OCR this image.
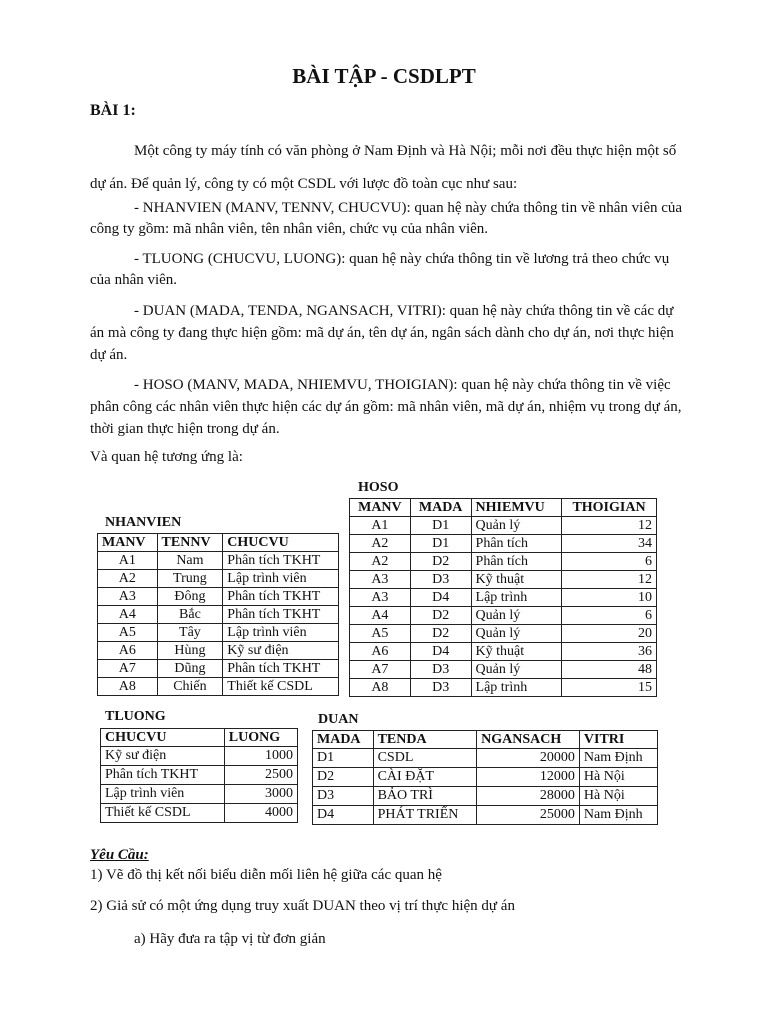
BÀI TẬP - CSDLPT
BÀI 1:

Một công ty máy tính có văn phòng ở Nam Định và Hà Nội; mỗi nơi đều thực hiện một số dự án. Để quản lý, công ty có một CSDL với lược đồ toàn cục như sau:

- NHANVIEN (MANV, TENNV, CHUCVU): quan hệ này chứa thông tin về nhân viên của công ty gồm: mã nhân viên, tên nhân viên, chức vụ của nhân viên.

- TLUONG (CHUCVU, LUONG): quan hệ này chứa thông tin về lương trả theo chức vụ của nhân viên.

- DUAN (MADA, TENDA, NGANSACH, VITRI): quan hệ này chứa thông tin về các dự án mà công ty đang thực hiện gồm: mã dự án, tên dự án, ngân sách dành cho dự án, nơi thực hiện dự án.

- HOSO (MANV, MADA, NHIEMVU, THOIGIAN): quan hệ này chứa thông tin về việc phân công các nhân viên thực hiện các dự án gồm: mã nhân viên, mã dự án, nhiệm vụ trong dự án, thời gian thực hiện trong dự án.

Và quan hệ tương ứng là:

HOSO
MANV	MADA	NHIEMVU	THOIGIAN
A1	D1	Quản lý	12
A2	D1	Phân tích	34
A2	D2	Phân tích	6
A3	D3	Kỹ thuật	12
A3	D4	Lập trình	10
A4	D2	Quản lý	6
A5	D2	Quản lý	20
A6	D4	Kỹ thuật	36
A7	D3	Quản lý	48
A8	D3	Lập trình	15
NHANVIEN
MANV	TENNV	CHUCVU
A1	Nam	Phân tích TKHT
A2	Trung	Lập trình viên
A3	Đông	Phân tích TKHT
A4	Bắc	Phân tích TKHT
A5	Tây	Lập trình viên
A6	Hùng	Kỹ sư điện
A7	Dũng	Phân tích TKHT
A8	Chiến	Thiết kế CSDL
TLUONG
CHUCVU	LUONG
Kỹ sư điện	1000
Phân tích TKHT	2500
Lập trình viên	3000
Thiết kế CSDL	4000
DUAN
MADA	TENDA	NGANSACH	VITRI
D1	CSDL	20000	Nam Định
D2	CÀI ĐẶT	12000	Hà Nội
D3	BẢO TRÌ	28000	Hà Nội
D4	PHÁT TRIỂN	25000	Nam Định
Yêu Cầu:
1) Vẽ đồ thị kết nối biểu diễn mối liên hệ giữa các quan hệ
2) Giả sử có một ứng dụng truy xuất DUAN theo vị trí thực hiện dự án
a) Hãy đưa ra tập vị từ đơn giản
